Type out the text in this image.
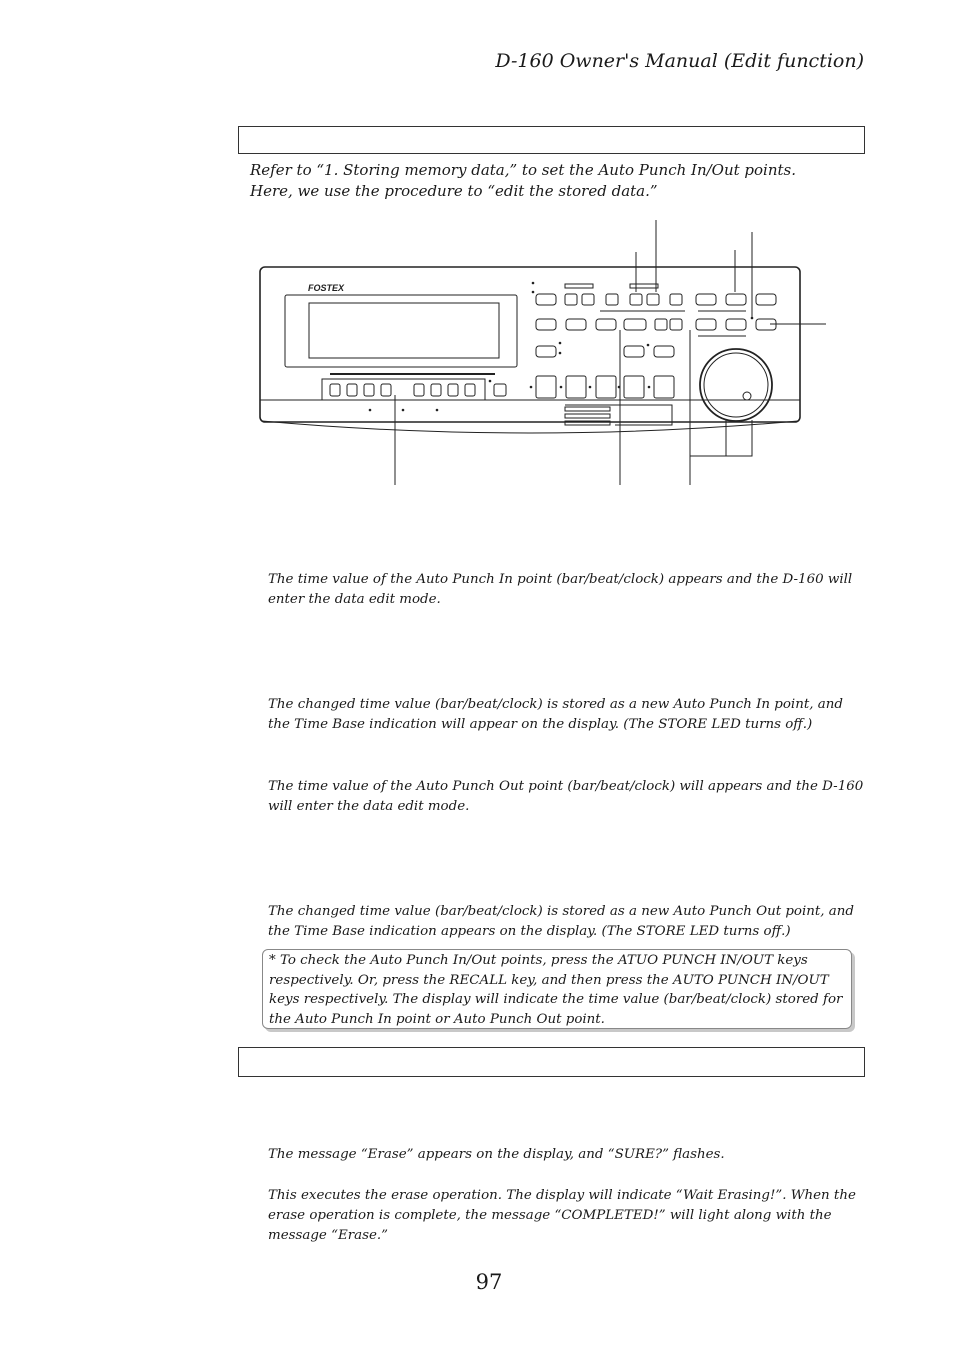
D-160 Owner's Manual (Edit function)
Refer to “1. Storing memory data,” to set the Auto Punch In/Out points.
Here, we use the procedure to “edit the stored data.”
FOSTEX
The time value of the Auto Punch In point (bar/beat/clock) appears and the D-160 will enter the data edit mode.
The changed time value (bar/beat/clock) is stored as a new Auto Punch In point, and the Time Base indication will appear on the display. (The STORE LED turns off.)
The time value of the Auto Punch Out point (bar/beat/clock) will appears and the D-160 will enter the data edit mode.
The changed time value (bar/beat/clock) is stored as a new Auto Punch Out point, and the Time Base indication appears on the display. (The STORE LED turns off.)
* To check the Auto Punch In/Out points, press the ATUO PUNCH IN/OUT keys respectively. Or, press the RECALL key, and then press the AUTO PUNCH IN/OUT keys respectively. The display will indicate the time value (bar/beat/clock) stored for the Auto Punch In point or Auto Punch Out point.
The message “Erase” appears on the display, and “SURE?” flashes.
This executes the erase operation. The display will indicate “Wait Erasing!”. When the erase operation is complete, the message “COMPLETED!” will light along with the message “Erase.”
97
